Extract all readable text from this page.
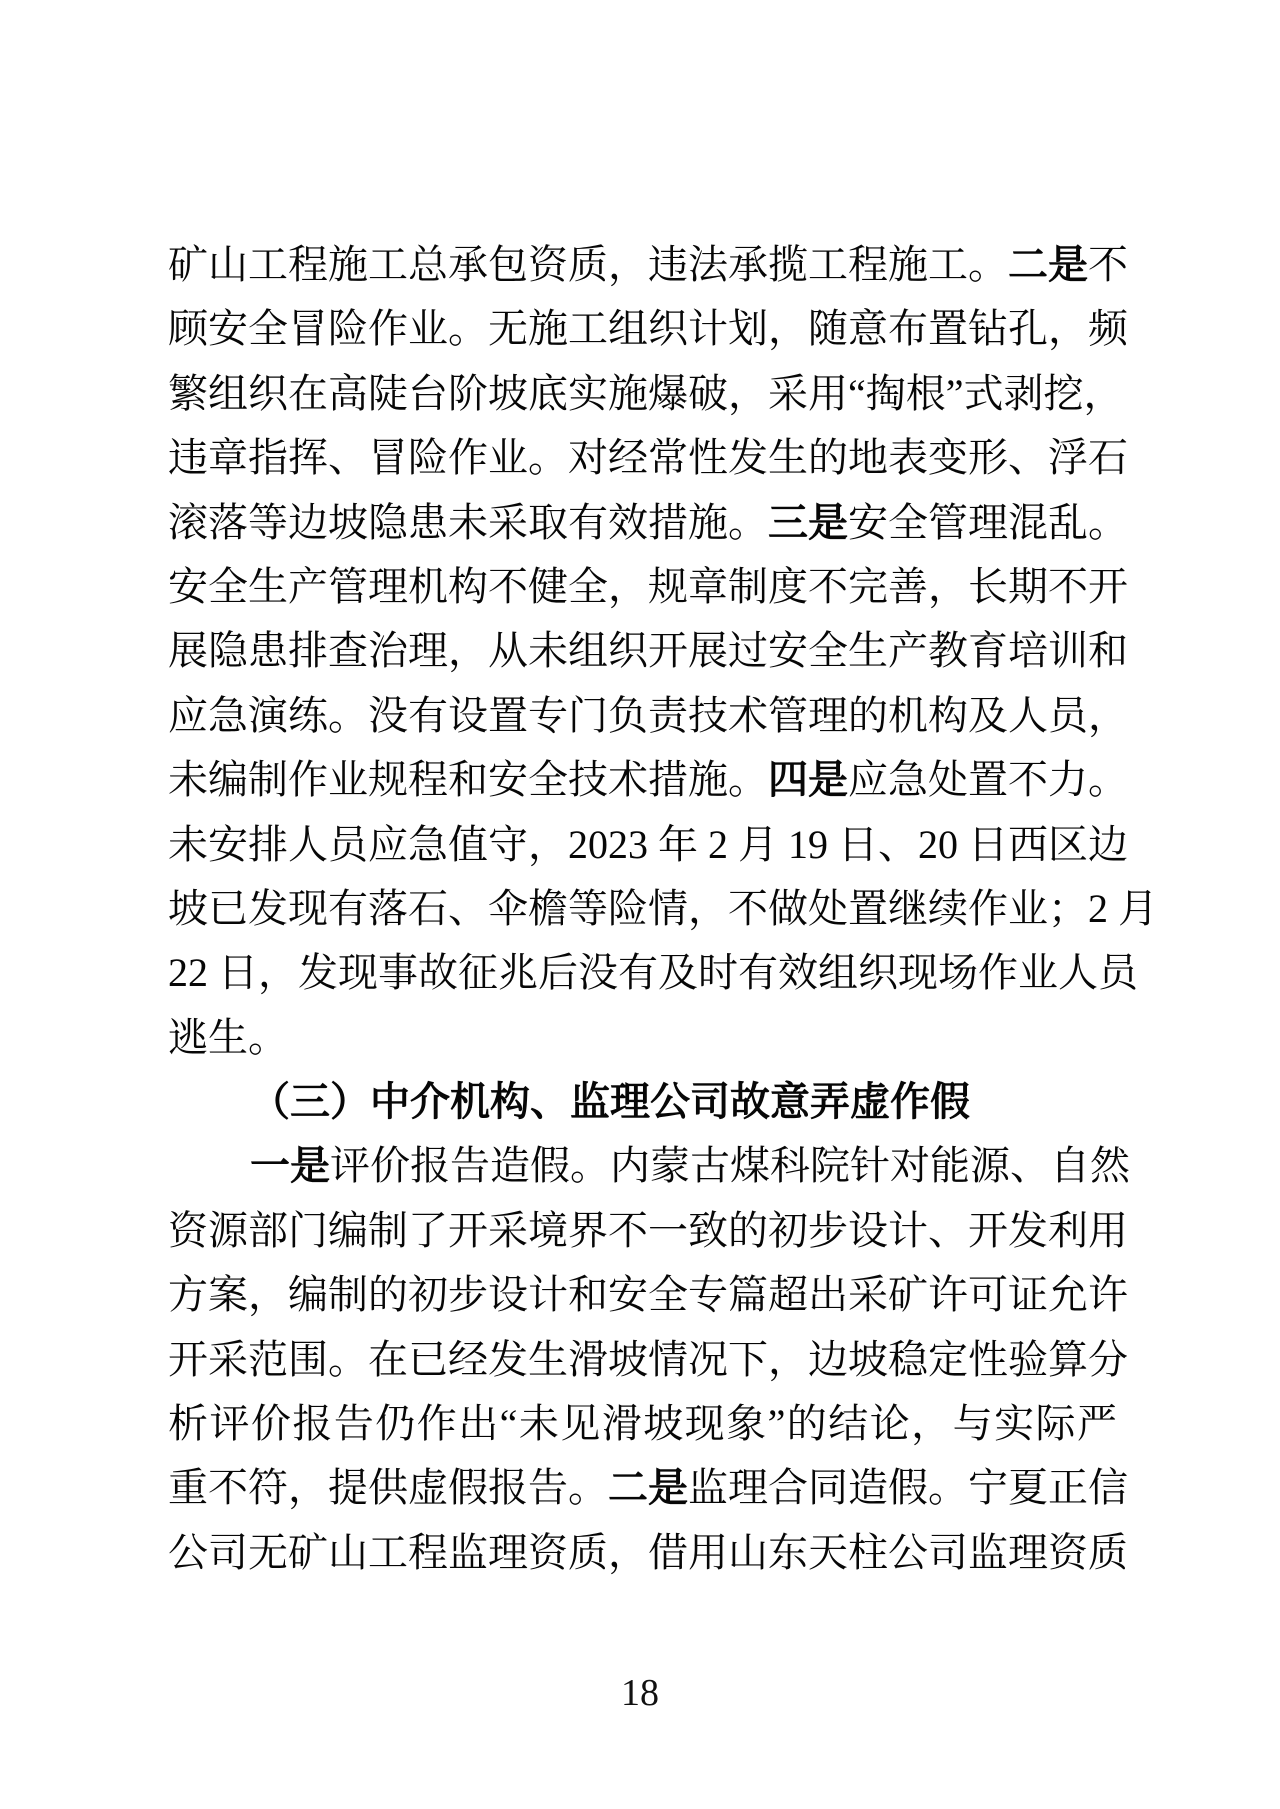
矿山工程施工总承包资质，违法承揽工程施工。二是不
顾安全冒险作业。无施工组织计划，随意布置钻孔，频
繁组织在高陡台阶坡底实施爆破，采用“掏根”式剥挖，
违章指挥、冒险作业。对经常性发生的地表变形、浮石
滚落等边坡隐患未采取有效措施。三是安全管理混乱。
安全生产管理机构不健全，规章制度不完善，长期不开
展隐患排查治理，从未组织开展过安全生产教育培训和
应急演练。没有设置专门负责技术管理的机构及人员，
未编制作业规程和安全技术措施。四是应急处置不力。
未安排人员应急值守，2023 年 2 月 19 日、20 日西区边
坡已发现有落石、伞檐等险情，不做处置继续作业；2 月
22 日，发现事故征兆后没有及时有效组织现场作业人员
逃生。
（三）中介机构、监理公司故意弄虚作假
一是评价报告造假。内蒙古煤科院针对能源、自然
资源部门编制了开采境界不一致的初步设计、开发利用
方案，编制的初步设计和安全专篇超出采矿许可证允许
开采范围。在已经发生滑坡情况下，边坡稳定性验算分
析评价报告仍作出“未见滑坡现象”的结论，与实际严
重不符，提供虚假报告。二是监理合同造假。宁夏正信
公司无矿山工程监理资质，借用山东天柱公司监理资质
18
